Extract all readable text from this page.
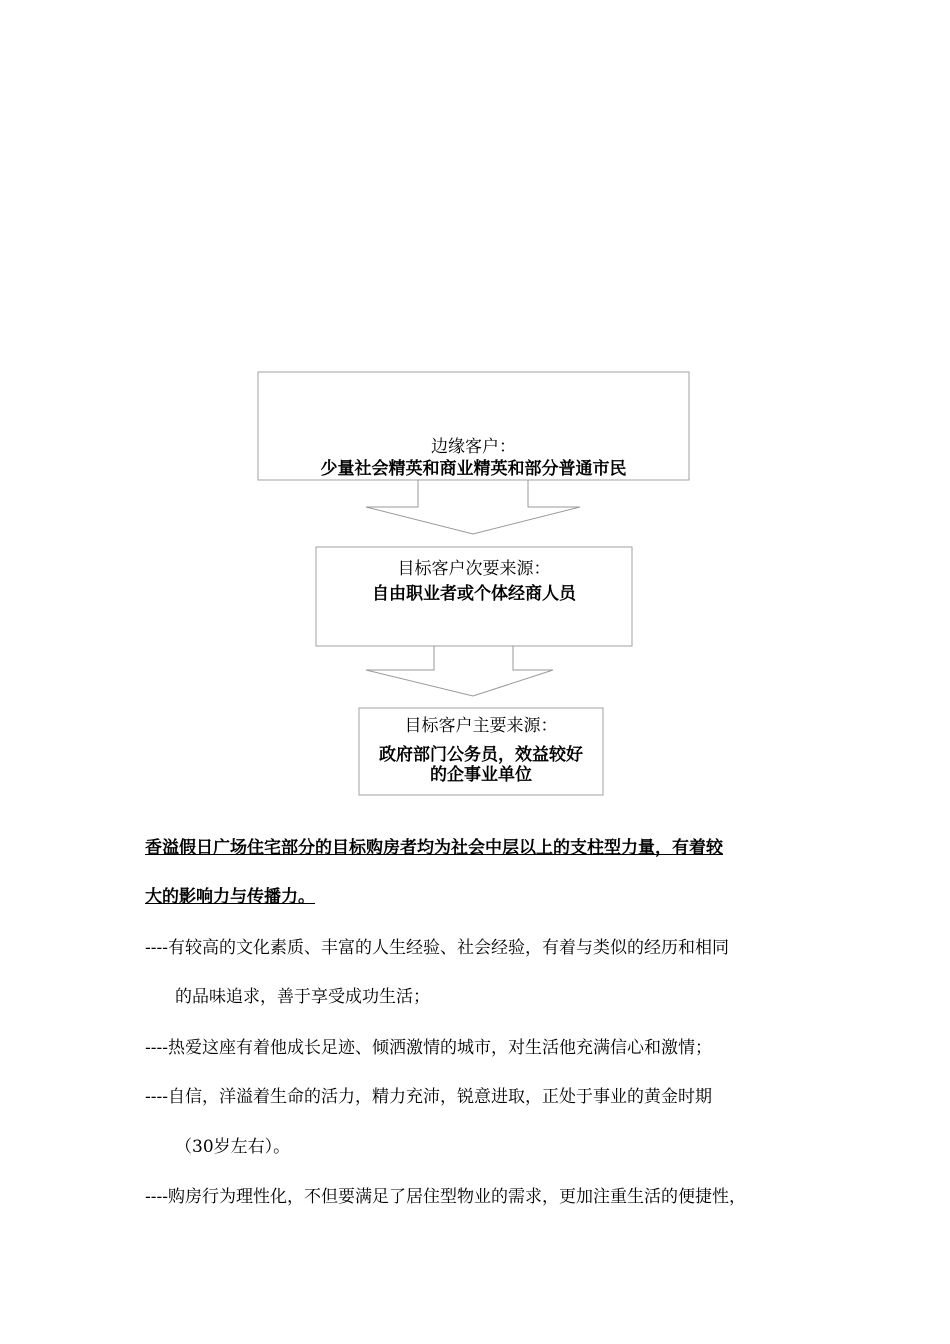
边缘客户：
少量社会精英和商业精英和部分普通市民
目标客户次要来源：
自由职业者或个体经商人员
目标客户主要来源：
政府部门公务员，效益较好
的企事业单位
香溢假日广场住宅部分的目标购房者均为社会中层以上的支柱型力量，有着较
大的影响力与传播力。
----有较高的文化素质、丰富的人生经验、社会经验，有着与类似的经历和相同
的品味追求，善于享受成功生活；
----热爱这座有着他成长足迹、倾洒激情的城市，对生活他充满信心和激情；
----自信，洋溢着生命的活力，精力充沛，锐意进取，正处于事业的黄金时期
（30岁左右）。
----购房行为理性化，不但要满足了居住型物业的需求，更加注重生活的便捷性，
